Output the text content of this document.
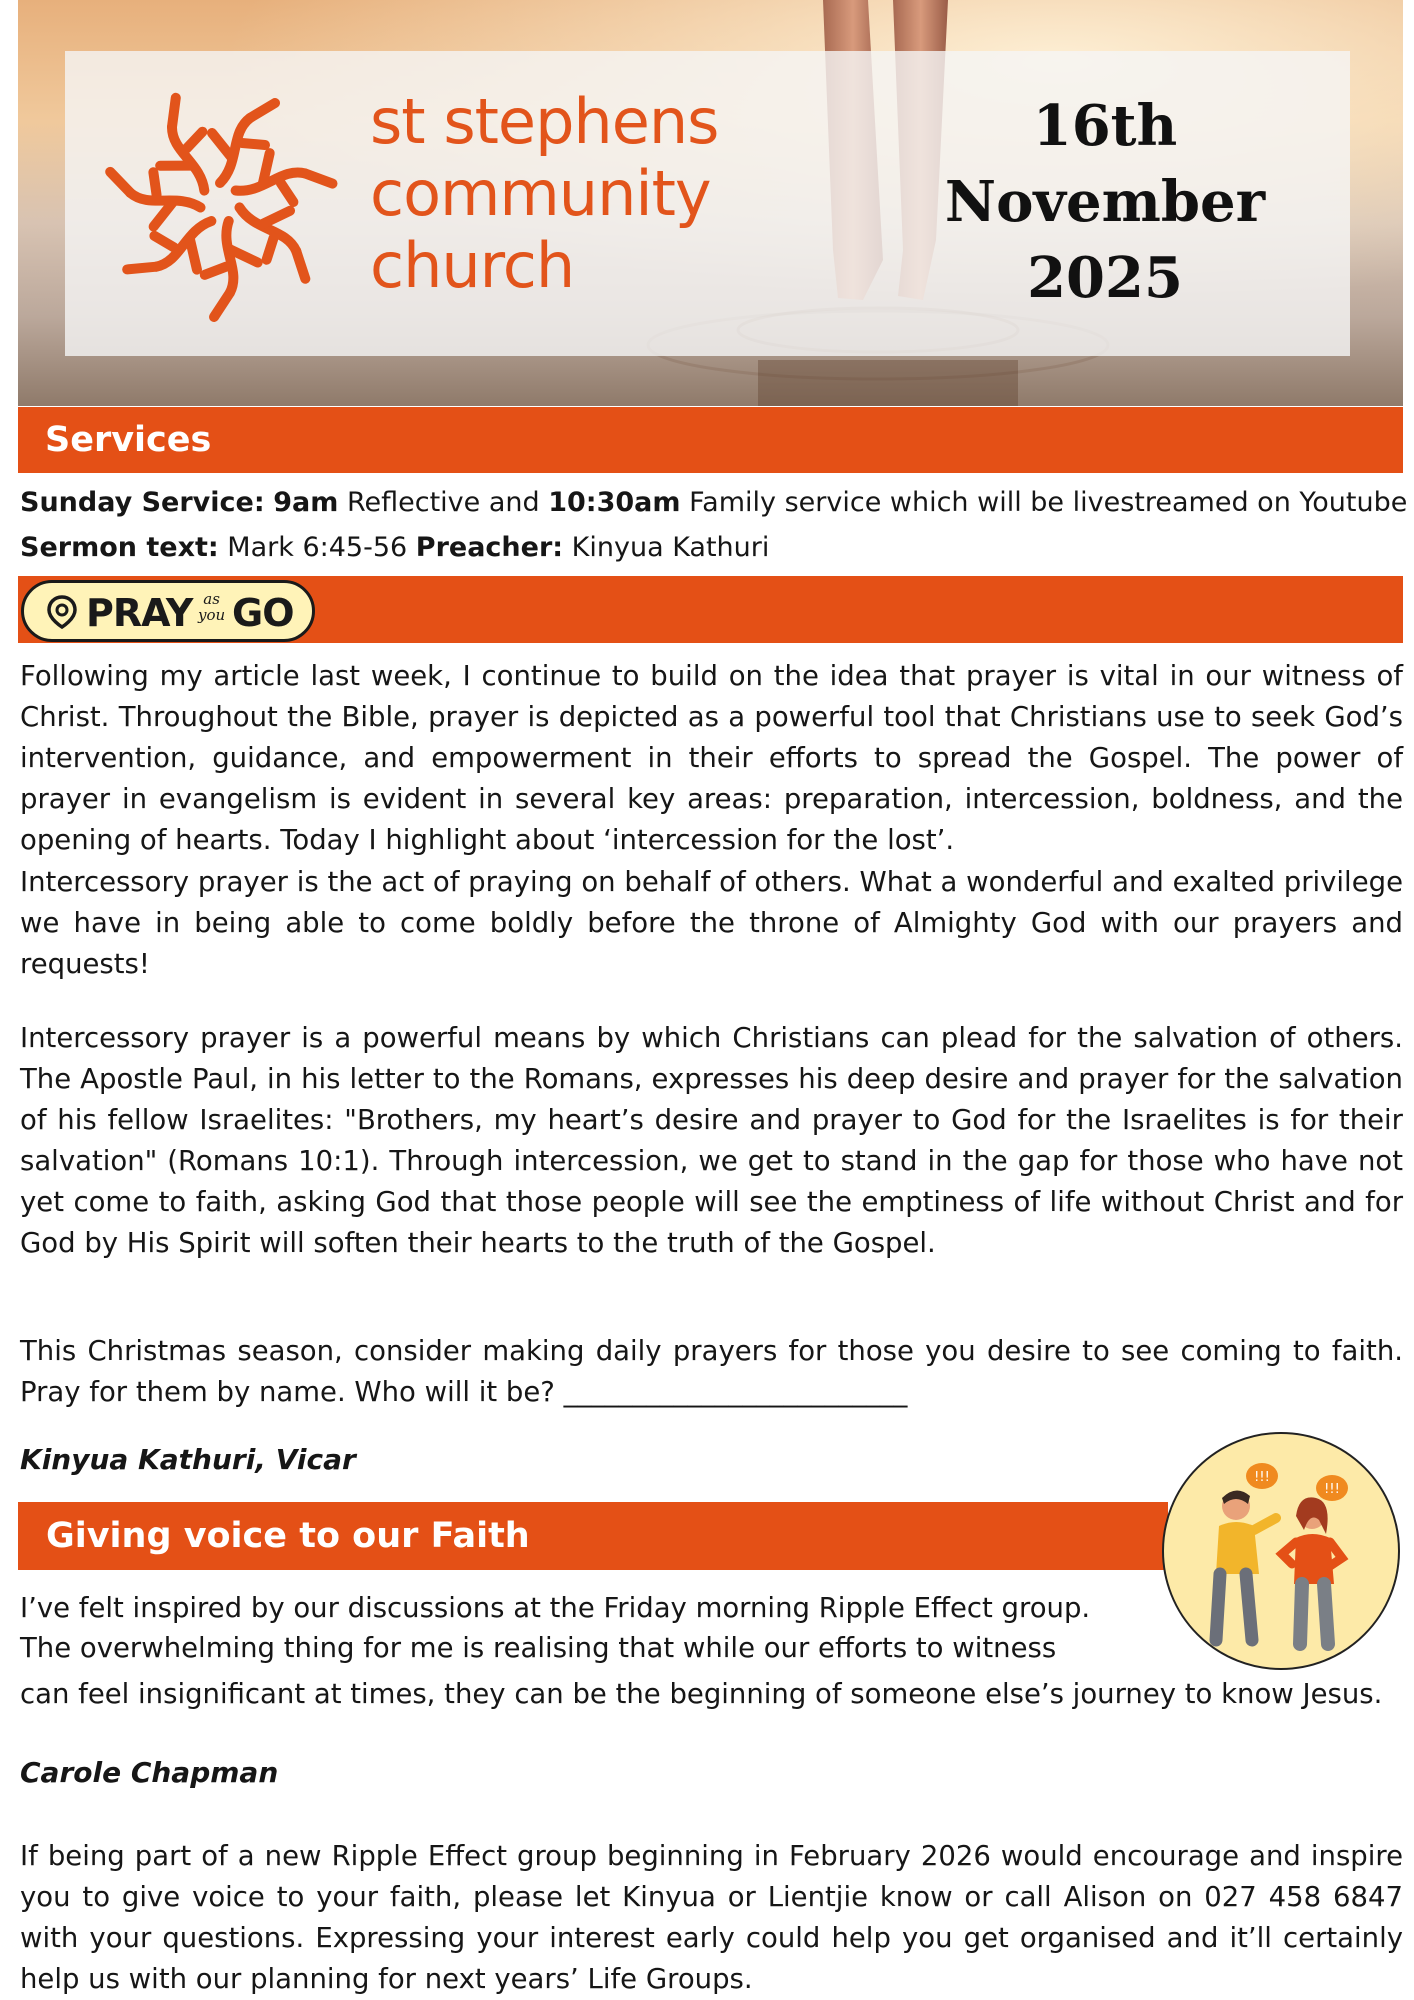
st stephens
community
church
16th
November
2025
Services
Sunday Service: 9am Reflective and 10:30am Family service which will be livestreamed on Youtube
Sermon text: Mark 6:45-56 Preacher: Kinyua Kathuri
PRAY as
you GO
Following my article last week, I continue to build on the idea that prayer is vital in our witness of Christ. Throughout the Bible, prayer is depicted as a powerful tool that Christians use to seek God’s intervention, guidance, and empowerment in their efforts to spread the Gospel. The power of prayer in evangelism is evident in several key areas: preparation, intercession, boldness, and the opening of hearts. Today I highlight about ‘intercession for the lost’.
Intercessory prayer is the act of praying on behalf of others. What a wonderful and exalted privilege we have in being able to come boldly before the throne of Almighty God with our prayers and requests!
Intercessory prayer is a powerful means by which Christians can plead for the salvation of others. The Apostle Paul, in his letter to the Romans, expresses his deep desire and prayer for the salvation of his fellow Israelites: "Brothers, my heart’s desire and prayer to God for the Israelites is for their salvation" (Romans 10:1). Through intercession, we get to stand in the gap for those who have not yet come to faith, asking God that those people will see the emptiness of life without Christ and for God by His Spirit will soften their hearts to the truth of the Gospel.
This Christmas season, consider making daily prayers for those you desire to see coming to faith. Pray for them by name. Who will it be? _________________________
Kinyua Kathuri, Vicar
Giving voice to our Faith
!!!
!!!
I’ve felt inspired by our discussions at the Friday morning Ripple Effect group.
The overwhelming thing for me is realising that while our efforts to witness
can feel insignificant at times, they can be the beginning of someone else’s journey to know Jesus.
Carole Chapman
If being part of a new Ripple Effect group beginning in February 2026 would encourage and inspire you to give voice to your faith, please let Kinyua or Lientjie know or call Alison on 027 458 6847 with your questions. Expressing your interest early could help you get organised and it’ll certainly help us with our planning for next years’ Life Groups.
